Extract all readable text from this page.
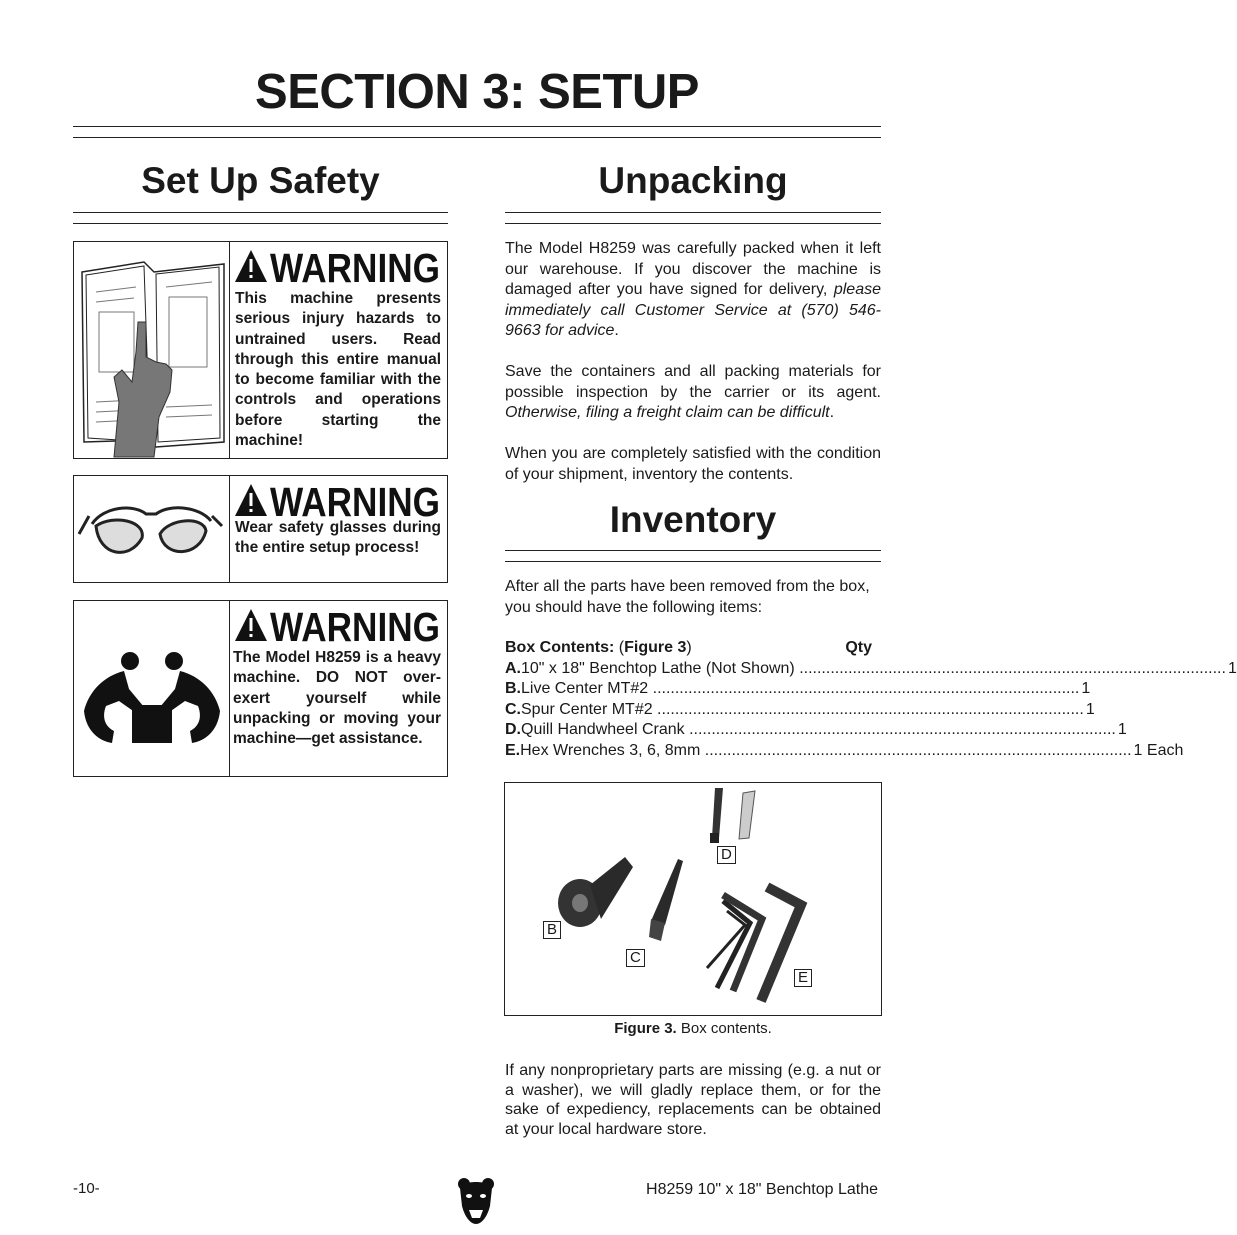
SECTION 3: SETUP
Set Up Safety
WARNING
This machine presents serious injury hazards to untrained users. Read through this entire manual to become familiar with the controls and operations before starting the machine!
WARNING
Wear safety glasses during the entire setup process!
WARNING
The Model H8259 is a heavy machine. DO NOT over-exert yourself while unpacking or moving your machine—get assistance.
Unpacking

The Model H8259 was carefully packed when it left our warehouse. If you discover the machine is damaged after you have signed for delivery, please immediately call Customer Service at (570) 546-9663 for advice.

Save the containers and all packing materials for possible inspection by the carrier or its agent. Otherwise, filing a freight claim can be difficult.

When you are completely satisfied with the condition of your shipment, inventory the contents.

Inventory
After all the parts have been removed from the box, you should have the following items:
Box Contents: (Figure 3)	Qty
A. 10" x 18" Benchtop Lathe (Not Shown) .....	1
B. Live Center MT#2 .....	1
C. Spur Center MT#2 .....	1
D. Quill Handwheel Crank .....	1
E. Hex Wrenches 3, 6, 8mm .....	1 Each
D
B
C
E
Figure 3. Box contents.
If any nonproprietary parts are missing (e.g. a nut or a washer), we will gladly replace them, or for the sake of expediency, replacements can be obtained at your local hardware store.
-10-	H8259 10" x 18" Benchtop Lathe
